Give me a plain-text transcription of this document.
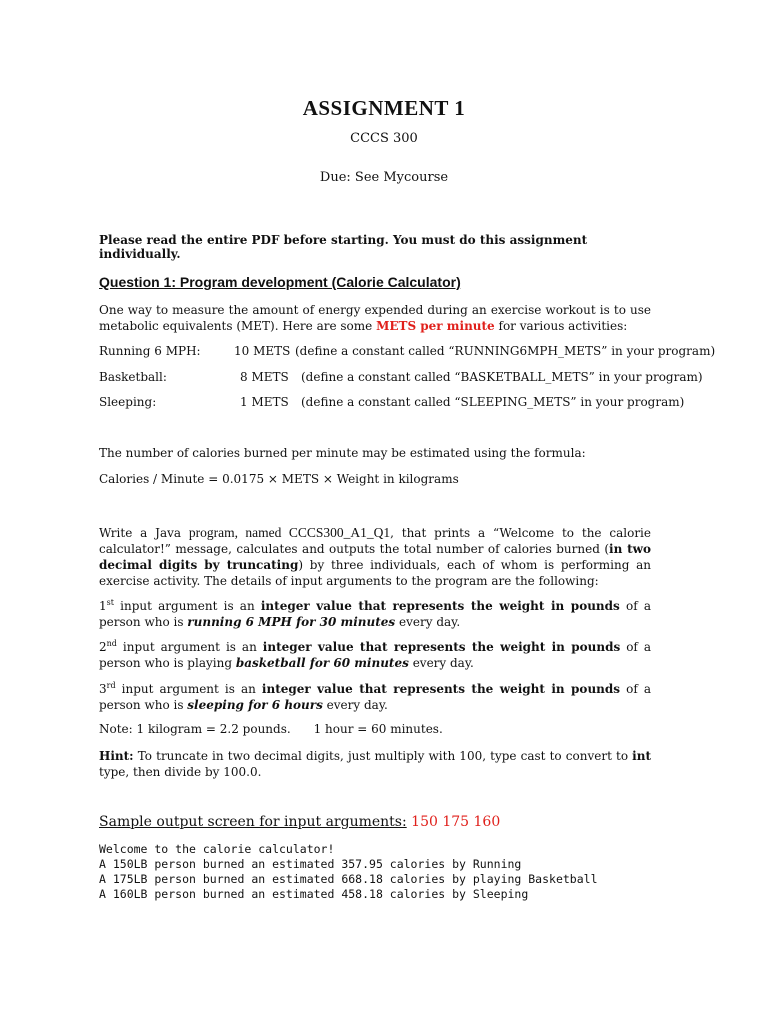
ASSIGNMENT 1
CCCS 300
Due: See Mycourse
Please read the entire PDF before starting. You must do this assignment individually.
Question 1: Program development (Calorie Calculator)
One way to measure the amount of energy expended during an exercise workout is to use metabolic equivalents (MET). Here are some METS per minute for various activities:
Running 6 MPH:	10 METS (define a constant called “RUNNING6MPH_METS” in your program)
Basketball:	8 METS (define a constant called “BASKETBALL_METS” in your program)
Sleeping:	1 METS (define a constant called “SLEEPING_METS” in your program)
The number of calories burned per minute may be estimated using the formula:
Calories / Minute = 0.0175 × METS × Weight in kilograms
Write a Java program, named CCCS300_A1_Q1, that prints a “Welcome to the calorie calculator!” message, calculates and outputs the total number of calories burned (in two decimal digits by truncating) by three individuals, each of whom is performing an exercise activity. The details of input arguments to the program are the following:
1st input argument is an integer value that represents the weight in pounds of a person who is running 6 MPH for 30 minutes every day.
2nd input argument is an integer value that represents the weight in pounds of a person who is playing basketball for 60 minutes every day.
3rd input argument is an integer value that represents the weight in pounds of a person who is sleeping for 6 hours every day.
Note: 1 kilogram = 2.2 pounds.      1 hour = 60 minutes.
Hint: To truncate in two decimal digits, just multiply with 100, type cast to convert to int type, then divide by 100.0.
Sample output screen for input arguments: 150 175 160
Welcome to the calorie calculator!
A 150LB person burned an estimated 357.95 calories by Running
A 175LB person burned an estimated 668.18 calories by playing Basketball
A 160LB person burned an estimated 458.18 calories by Sleeping
